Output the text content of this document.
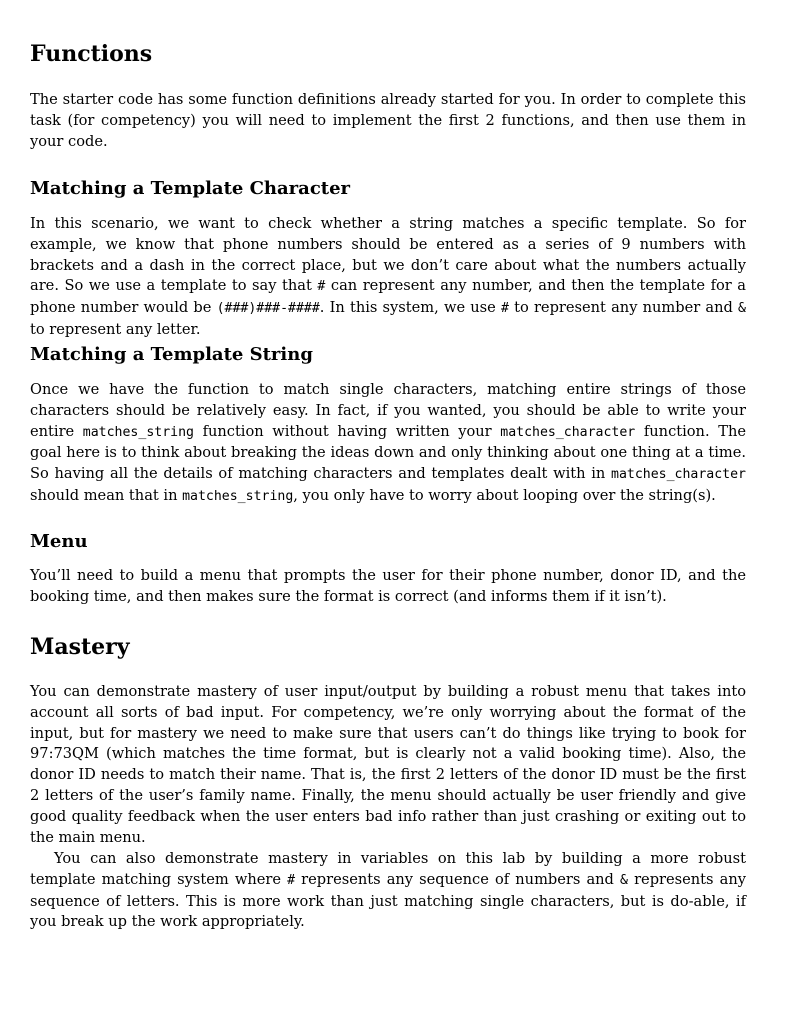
Functions

The starter code has some function definitions already started for you. In order to complete this task (for competency) you will need to implement the first 2 functions, and then use them in your code.

Matching a Template Character

In this scenario, we want to check whether a string matches a specific template. So for example, we know that phone numbers should be entered as a series of 9 numbers with brackets and a dash in the correct place, but we don’t care about what the numbers actually are. So we use a template to say that # can represent any number, and then the template for a phone number would be (###)###-####. In this system, we use # to represent any number and & to represent any letter.

Matching a Template String

Once we have the function to match single characters, matching entire strings of those characters should be relatively easy. In fact, if you wanted, you should be able to write your entire matches_string function without having written your matches_character function. The goal here is to think about breaking the ideas down and only thinking about one thing at a time. So having all the details of matching characters and templates dealt with in matches_character should mean that in matches_string, you only have to worry about looping over the string(s).

Menu

You’ll need to build a menu that prompts the user for their phone number, donor ID, and the booking time, and then makes sure the format is correct (and informs them if it isn’t).

Mastery

You can demonstrate mastery of user input/output by building a robust menu that takes into account all sorts of bad input. For competency, we’re only worrying about the format of the input, but for mastery we need to make sure that users can’t do things like trying to book for 97:73QM (which matches the time format, but is clearly not a valid booking time). Also, the donor ID needs to match their name. That is, the first 2 letters of the donor ID must be the first 2 letters of the user’s family name. Finally, the menu should actually be user friendly and give good quality feedback when the user enters bad info rather than just crashing or exiting out to the main menu.

You can also demonstrate mastery in variables on this lab by building a more robust template matching system where # represents any sequence of numbers and & represents any sequence of letters. This is more work than just matching single characters, but is do-able, if you break up the work appropriately.
